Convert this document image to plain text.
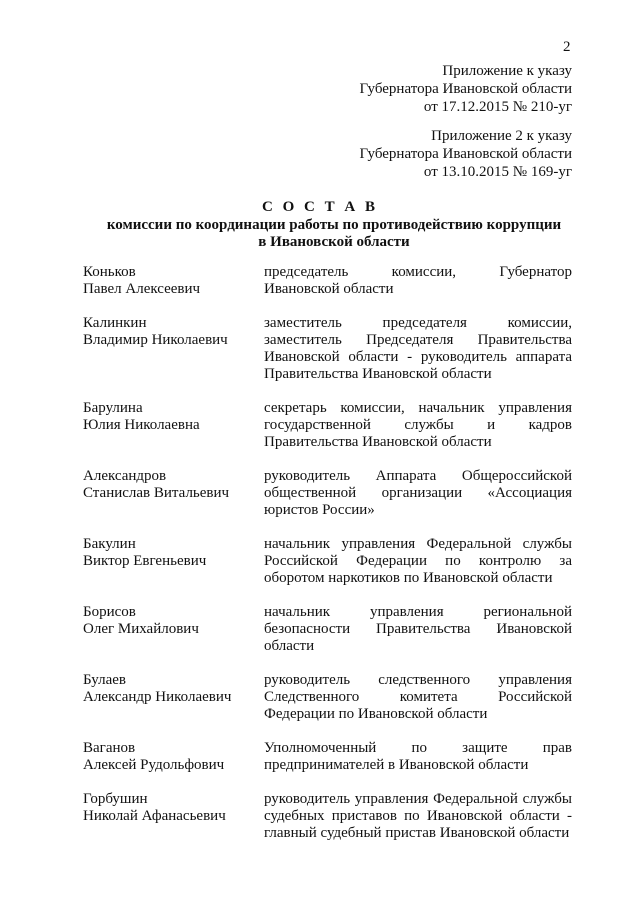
2
Приложение к указу
Губернатора Ивановской области
от 17.12.2015 № 210-уг
Приложение 2 к указу
Губернатора Ивановской области
от 13.10.2015 № 169-уг
С О С Т А В
комиссии по координации работы по противодействию коррупции
в Ивановской области
Коньков
Павел Алексеевич
председатель комиссии, Губернатор Ивановской области
Калинкин
Владимир Николаевич
заместитель председателя комиссии, заместитель Председателя Правительства Ивановской области - руководитель аппарата Правительства Ивановской области
Барулина
Юлия Николаевна
секретарь комиссии, начальник управления государственной службы и кадров Правительства Ивановской области
Александров
Станислав Витальевич
руководитель Аппарата Общероссийской общественной организации «Ассоциация юристов России»
Бакулин
Виктор Евгеньевич
начальник управления Федеральной службы Российской Федерации по контролю за оборотом наркотиков по Ивановской области
Борисов
Олег Михайлович
начальник управления региональной безопасности Правительства Ивановской области
Булаев
Александр Николаевич
руководитель следственного управления Следственного комитета Российской Федерации по Ивановской области
Ваганов
Алексей Рудольфович
Уполномоченный по защите прав предпринимателей в Ивановской области
Горбушин
Николай Афанасьевич
руководитель управления Федеральной службы судебных приставов по Ивановской области - главный судебный пристав Ивановской области
